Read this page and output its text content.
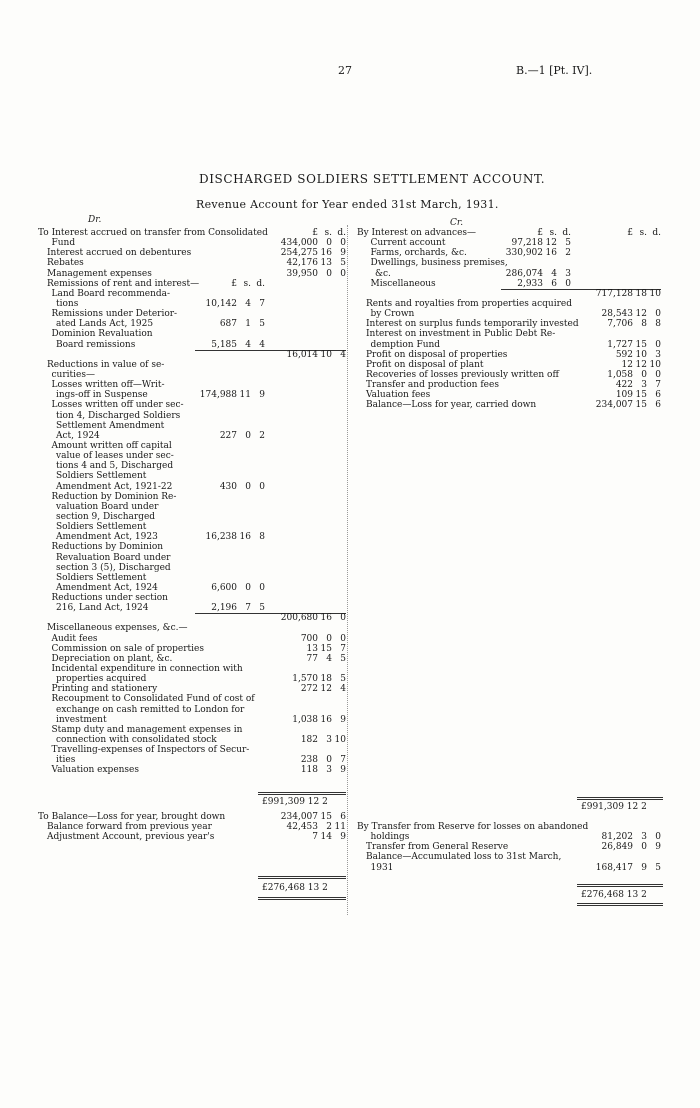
27	B.—1 [Pt. IV].
DISCHARGED SOLDIERS SETTLEMENT ACCOUNT.
Revenue Account for Year ended 31st March, 1931.
Dr.	Cr.
To Interest accrued on transfer from Consolidated	£ s. d.
Fund	434,000 0 0
Interest accrued on debentures	254,275 16 9
Rebates	42,176 13 5
Management expenses	39,950 0 0
Remissions of rent and interest—	£ s. d.
Land Board recommenda-
tions	10,142 4 7
Remissions under Deterior-
ated Lands Act, 1925	687 1 5
Dominion Revaluation
Board remissions	5,185 4 4
16,014 10 4
Reductions in value of se-
curities—
Losses written off—Writ-
ings-off in Suspense	174,988 11 9
Losses written off under sec-
tion 4, Discharged Soldiers
Settlement Amendment
Act, 1924	227 0 2
Amount written off capital
value of leases under sec-
tions 4 and 5, Discharged
Soldiers Settlement
Amendment Act, 1921-22	430 0 0
Reduction by Dominion Re-
valuation Board under
section 9, Discharged
Soldiers Settlement
Amendment Act, 1923	16,238 16 8
Reductions by Dominion
Revaluation Board under
section 3 (5), Discharged
Soldiers Settlement
Amendment Act, 1924	6,600 0 0
Reductions under section
216, Land Act, 1924	2,196 7 5
200,680 16 0
Miscellaneous expenses, &c.—
Audit fees	700 0 0
Commission on sale of properties	13 15 7
Depreciation on plant, &c.	77 4 5
Incidental expenditure in connection with
properties acquired	1,570 18 5
Printing and stationery	272 12 4
Recoupment to Consolidated Fund of cost of
exchange on cash remitted to London for
investment	1,038 16 9
Stamp duty and management expenses in
connection with consolidated stock	182 3 10
Travelling-expenses of Inspectors of Secur-
ities	238 0 7
Valuation expenses	118 3 9
By Interest on advances—	£ s. d.	£ s. d.
Current account	97,218 12 5
Farms, orchards, &c.	330,902 16 2
Dwellings, business premises,
&c.	286,074 4 3
Miscellaneous	2,933 6 0
717,128 18 10
Rents and royalties from properties acquired
by Crown	28,543 12 0
Interest on surplus funds temporarily invested	7,706 8 8
Interest on investment in Public Debt Re-
demption Fund	1,727 15 0
Profit on disposal of properties	592 10 3
Profit on disposal of plant	12 12 10
Recoveries of losses previously written off	1,058 0 0
Transfer and production fees	422 3 7
Valuation fees	109 15 6
Balance—Loss for year, carried down	234,007 15 6
To Balance—Loss for year, brought down	234,007 15 6
Balance forward from previous year	42,453 2 11
Adjustment Account, previous year's	7 14 9
By Transfer from Reserve for losses on abandoned
holdings	81,202 3 0
Transfer from General Reserve	26,849 0 9
Balance—Accumulated loss to 31st March,
1931	168,417 9 5
£991,309 12 2	£991,309 12 2
£276,468 13 2
£276,468 13 2
